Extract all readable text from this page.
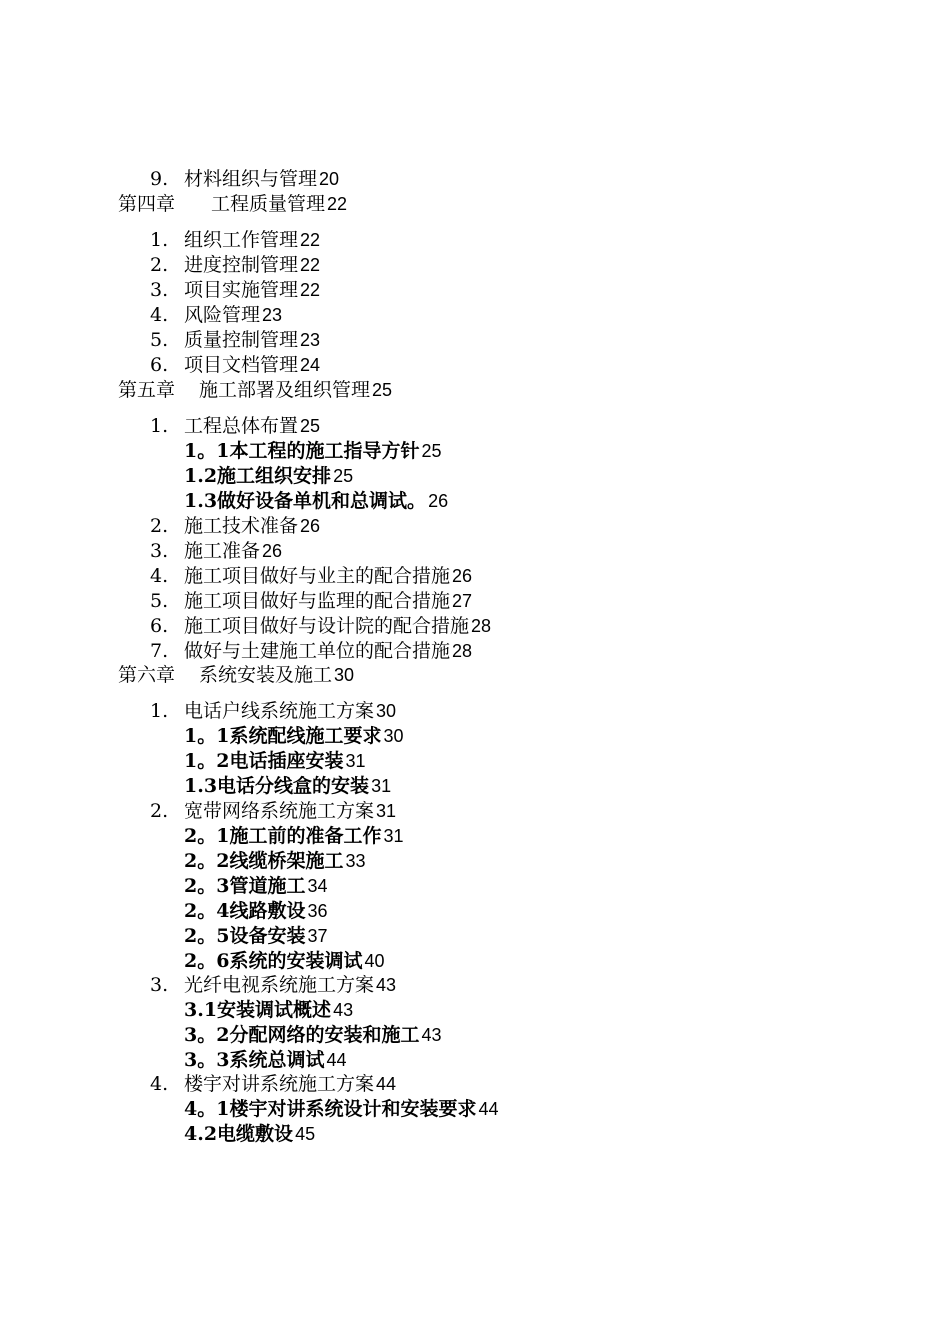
9. 材料组织与管理 20
第四章 工程质量管理 22
1. 组织工作管理 22
2. 进度控制管理 22
3. 项目实施管理 22
4. 风险管理 23
5. 质量控制管理 23
6. 项目文档管理 24
第五章 施工部署及组织管理 25
1. 工程总体布置 25
1。1本工程的施工指导方针 25
1.2施工组织安排 25
1.3做好设备单机和总调试。 26
2. 施工技术准备 26
3. 施工准备 26
4. 施工项目做好与业主的配合措施 26
5. 施工项目做好与监理的配合措施 27
6. 施工项目做好与设计院的配合措施 28
7. 做好与土建施工单位的配合措施 28
第六章 系统安装及施工 30
1. 电话户线系统施工方案 30
1。1系统配线施工要求 30
1。2电话插座安装 31
1.3电话分线盒的安装 31
2. 宽带网络系统施工方案 31
2。1施工前的准备工作 31
2。2线缆桥架施工 33
2。3管道施工 34
2。4线路敷设 36
2。5设备安装 37
2。6系统的安装调试 40
3. 光纤电视系统施工方案 43
3.1安装调试概述 43
3。2分配网络的安装和施工 43
3。3系统总调试 44
4. 楼宇对讲系统施工方案 44
4。1楼宇对讲系统设计和安装要求 44
4.2电缆敷设 45
